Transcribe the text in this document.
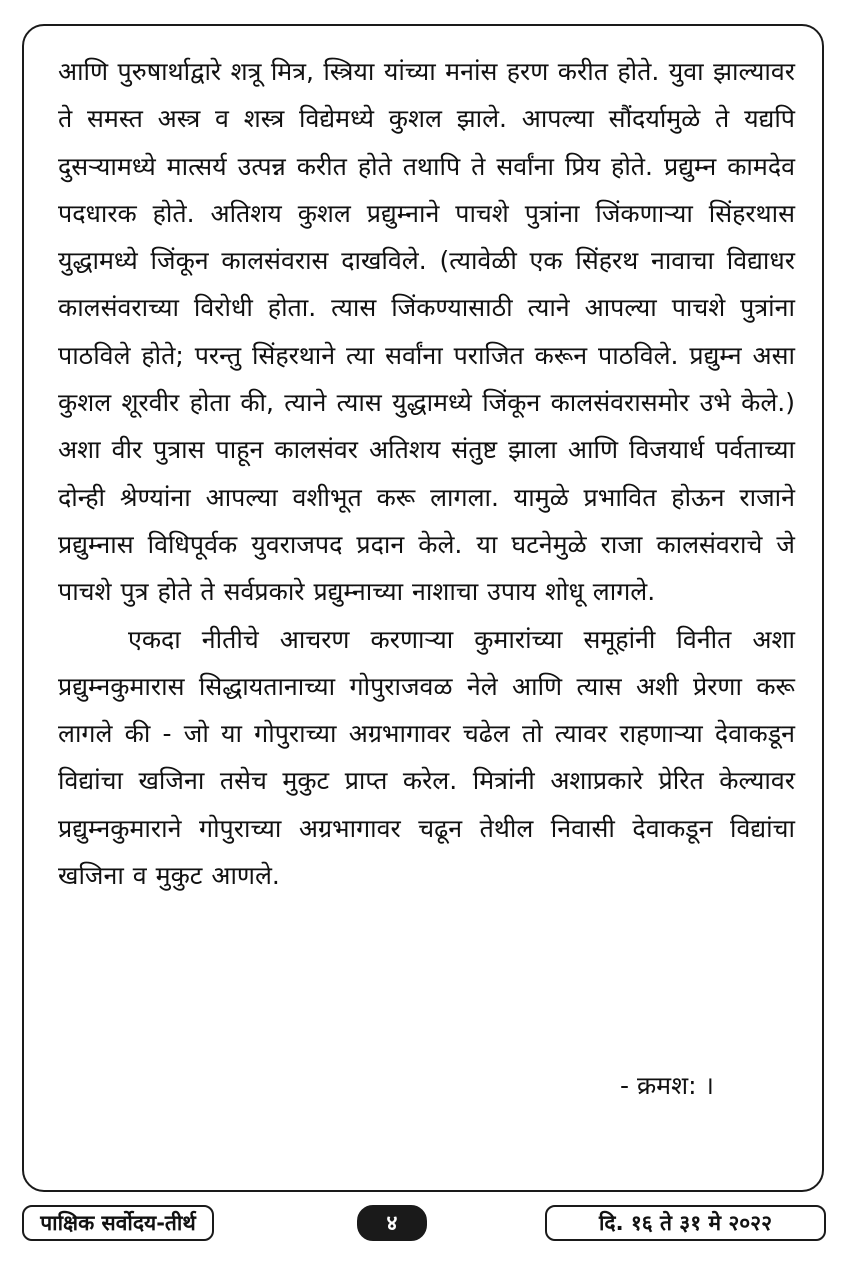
आणि पुरुषार्थाद्वारे शत्रू मित्र, स्त्रिया यांच्या मनांस हरण करीत होते. युवा झाल्यावर ते समस्त अस्त्र व शस्त्र विद्येमध्ये कुशल झाले. आपल्या सौंदर्यामुळे ते यद्यपि दुसऱ्यामध्ये मात्सर्य उत्पन्न करीत होते तथापि ते सर्वांना प्रिय होते. प्रद्युम्न कामदेव पदधारक होते. अतिशय कुशल प्रद्युम्नाने पाचशे पुत्रांना जिंकणाऱ्या सिंहरथास युद्धामध्ये जिंकून कालसंवरास दाखविले. (त्यावेळी एक सिंहरथ नावाचा विद्याधर कालसंवराच्या विरोधी होता. त्यास जिंकण्यासाठी त्याने आपल्या पाचशे पुत्रांना पाठविले होते; परन्तु सिंहरथाने त्या सर्वांना पराजित करून पाठविले. प्रद्युम्न असा कुशल शूरवीर होता की, त्याने त्यास युद्धामध्ये जिंकून कालसंवरासमोर उभे केले.) अशा वीर पुत्रास पाहून कालसंवर अतिशय संतुष्ट झाला आणि विजयार्ध पर्वताच्या दोन्ही श्रेण्यांना आपल्या वशीभूत करू लागला. यामुळे प्रभावित होऊन राजाने प्रद्युम्नास विधिपूर्वक युवराजपद प्रदान केले. या घटनेमुळे राजा कालसंवराचे जे पाचशे पुत्र होते ते सर्वप्रकारे प्रद्युम्नाच्या नाशाचा उपाय शोधू लागले.

एकदा नीतीचे आचरण करणाऱ्या कुमारांच्या समूहांनी विनीत अशा प्रद्युम्नकुमारास सिद्धायतानाच्या गोपुराजवळ नेले आणि त्यास अशी प्रेरणा करू लागले की - जो या गोपुराच्या अग्रभागावर चढेल तो त्यावर राहणाऱ्या देवाकडून विद्यांचा खजिना तसेच मुकुट प्राप्त करेल. मित्रांनी अशाप्रकारे प्रेरित केल्यावर प्रद्युम्नकुमाराने गोपुराच्या अग्रभागावर चढून तेथील निवासी देवाकडून विद्यांचा खजिना व मुकुट आणले.

- क्रमश: ।
पाक्षिक सर्वोदय-तीर्थ	४	दि. १६ ते ३१ मे २०२२
